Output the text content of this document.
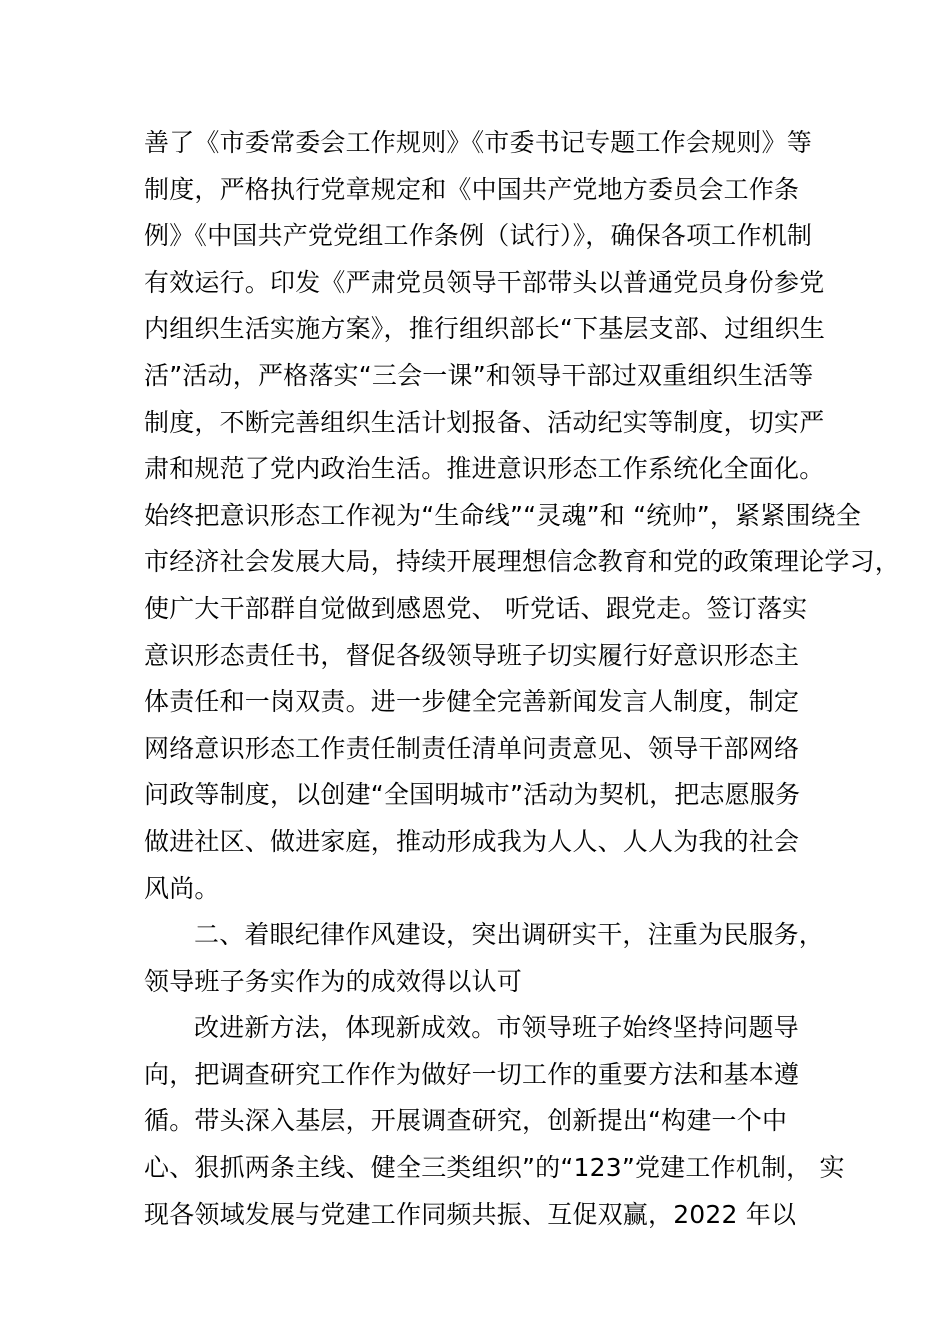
善了《市委常委会工作规则》《市委书记专题工作会规则》等
制度，严格执行党章规定和《中国共产党地方委员会工作条
例》《中国共产党党组工作条例（试行）》，确保各项工作机制
有效运行。印发《严肃党员领导干部带头以普通党员身份参党
内组织生活实施方案》，推行组织部长“下基层支部、过组织生
活”活动，严格落实“三会一课”和领导干部过双重组织生活等
制度，不断完善组织生活计划报备、活动纪实等制度，切实严
肃和规范了党内政治生活。推进意识形态工作系统化全面化。
始终把意识形态工作视为“生命线”“灵魂”和 “统帅”，紧紧围绕全
市经济社会发展大局，持续开展理想信念教育和党的政策理论学习，
使广大干部群自觉做到感恩党、 听党话、跟党走。签订落实
意识形态责任书，督促各级领导班子切实履行好意识形态主
体责任和一岗双责。进一步健全完善新闻发言人制度，制定
网络意识形态工作责任制责任清单问责意见、领导干部网络
问政等制度，以创建“全国明城市”活动为契机，把志愿服务
做进社区、做进家庭，推动形成我为人人、人人为我的社会
风尚。
二、着眼纪律作风建设，突出调研实干，注重为民服务，
领导班子务实作为的成效得以认可
改进新方法，体现新成效。市领导班子始终坚持问题导
向，把调查研究工作作为做好一切工作的重要方法和基本遵
循。带头深入基层，开展调查研究，创新提出“构建一个中
心、狠抓两条主线、健全三类组织”的“123”党建工作机制， 实
现各领域发展与党建工作同频共振、互促双赢，2022 年以
